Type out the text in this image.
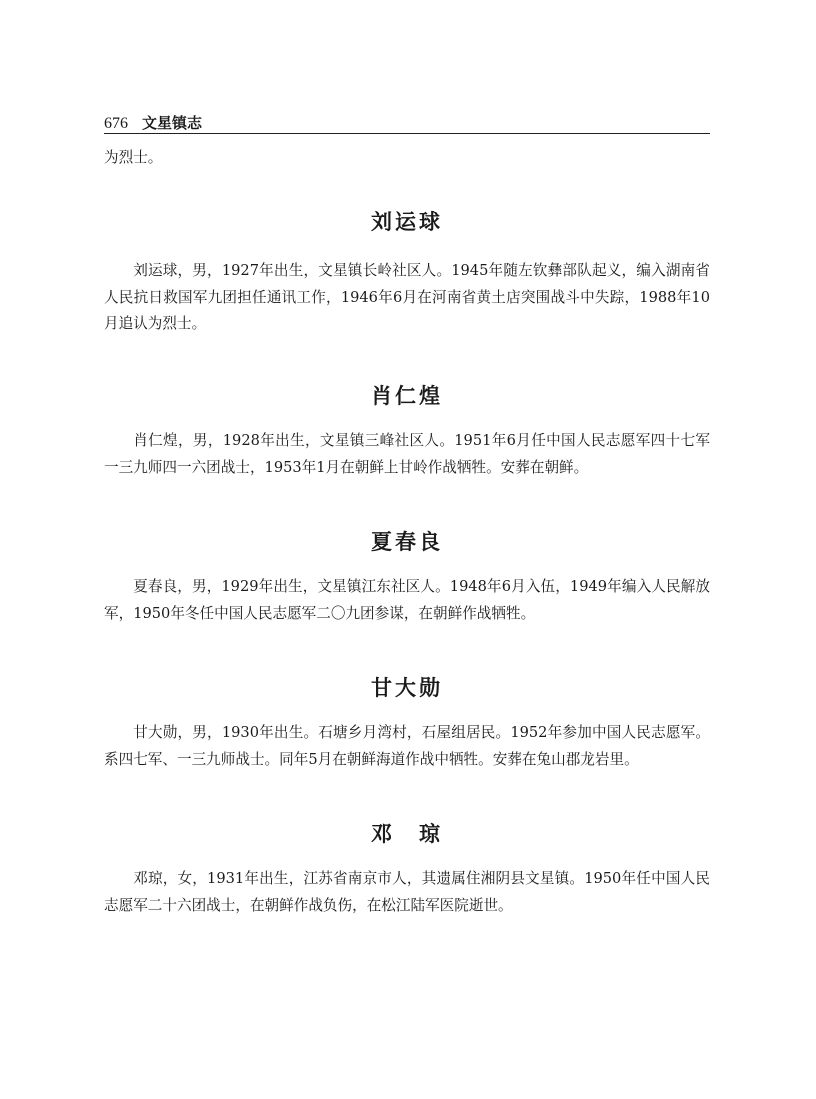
676 文星镇志

为烈士。

刘运球

刘运球，男，1927年出生，文星镇长岭社区人。1945年随左钦彝部队起义，编入湖南省人民抗日救国军九团担任通讯工作，1946年6月在河南省黄土店突围战斗中失踪，1988年10月追认为烈士。

肖仁煌

肖仁煌，男，1928年出生，文星镇三峰社区人。1951年6月任中国人民志愿军四十七军一三九师四一六团战士，1953年1月在朝鲜上甘岭作战牺牲。安葬在朝鲜。

夏春良

夏春良，男，1929年出生，文星镇江东社区人。1948年6月入伍，1949年编入人民解放军，1950年冬任中国人民志愿军二〇九团参谋，在朝鲜作战牺牲。

甘大勋

甘大勋，男，1930年出生。石塘乡月湾村，石屋组居民。1952年参加中国人民志愿军。系四七军、一三九师战士。同年5月在朝鲜海道作战中牺牲。安葬在兔山郡龙岩里。

邓　琼

邓琼，女，1931年出生，江苏省南京市人，其遗属住湘阴县文星镇。1950年任中国人民志愿军二十六团战士，在朝鲜作战负伤，在松江陆军医院逝世。
